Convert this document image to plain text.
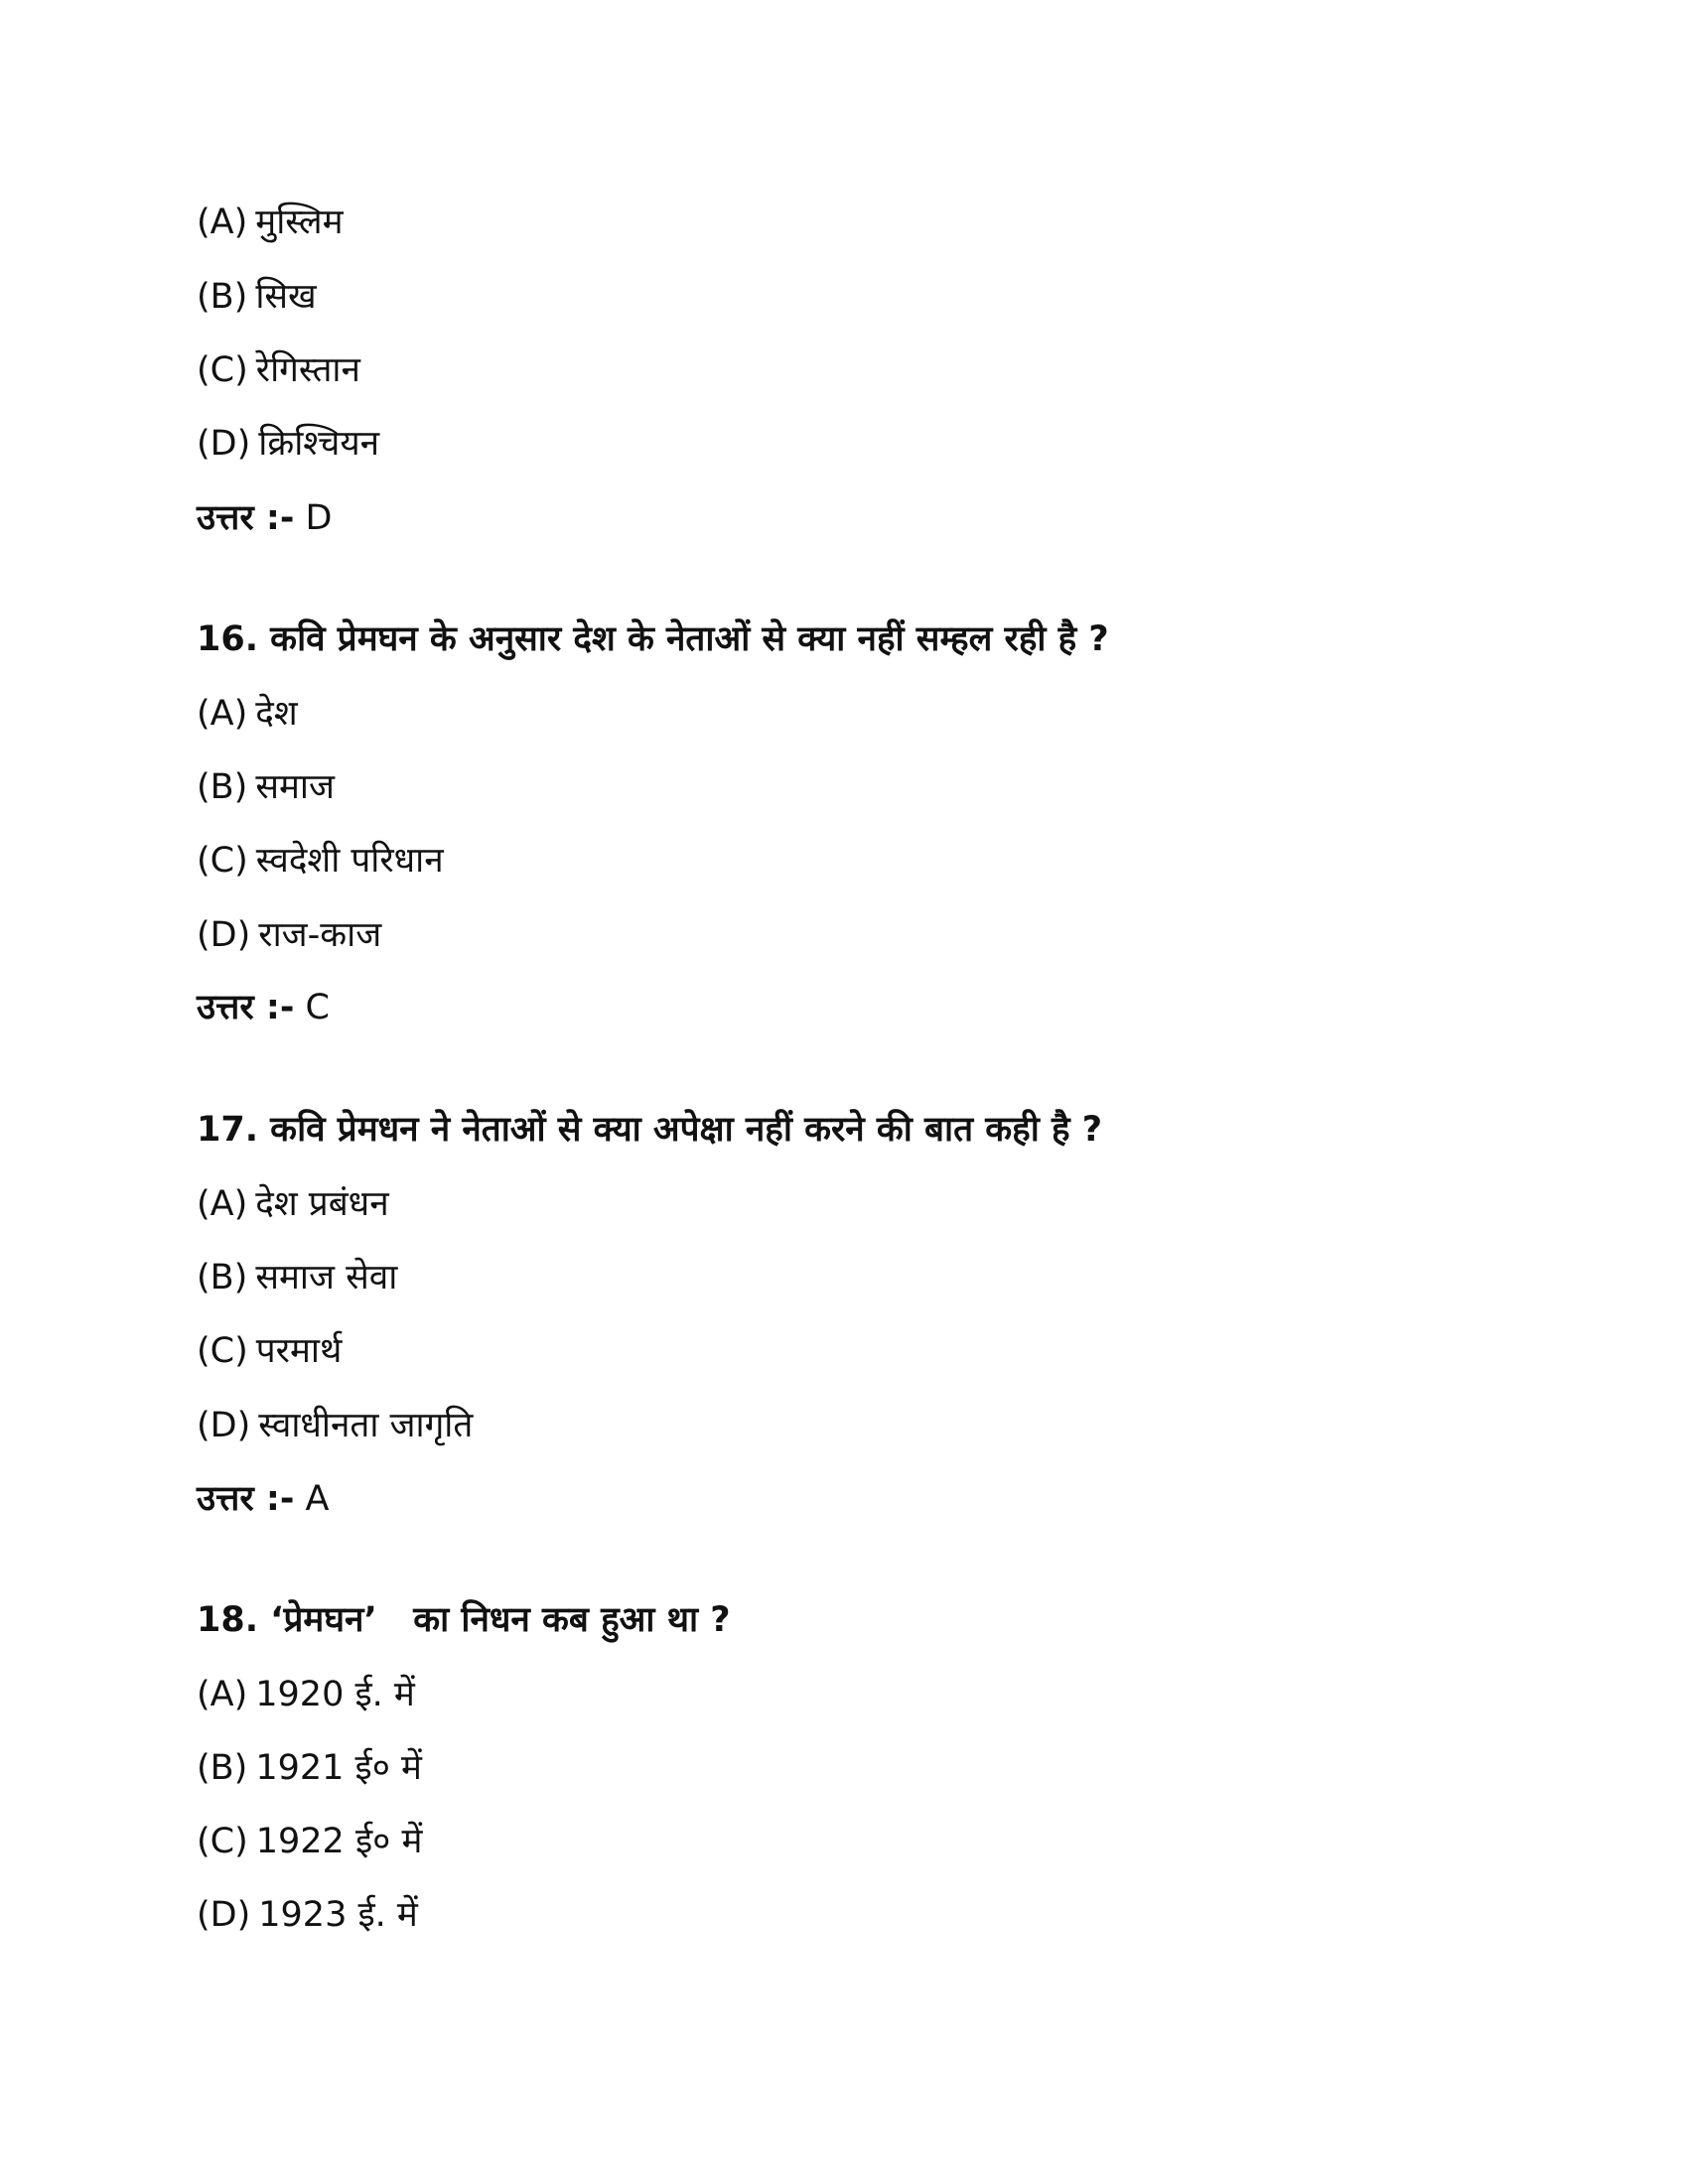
(A) मुस्लिम
(B) सिख
(C) रेगिस्तान
(D) क्रिश्चियन
उत्तर :- D
16. कवि प्रेमघन के अनुसार देश के नेताओं से क्या नहीं सम्हल रही है ?
(A) देश
(B) समाज
(C) स्वदेशी परिधान
(D) राज-काज
उत्तर :- C
17. कवि प्रेमधन ने नेताओं से क्या अपेक्षा नहीं करने की बात कही है ?
(A) देश प्रबंधन
(B) समाज सेवा
(C) परमार्थ
(D) स्वाधीनता जागृति
उत्तर :- A
18. ‘प्रेमघन’   का निधन कब हुआ था ?
(A) 1920 ई. में
(B) 1921 ई० में
(C) 1922 ई० में
(D) 1923 ई. में
